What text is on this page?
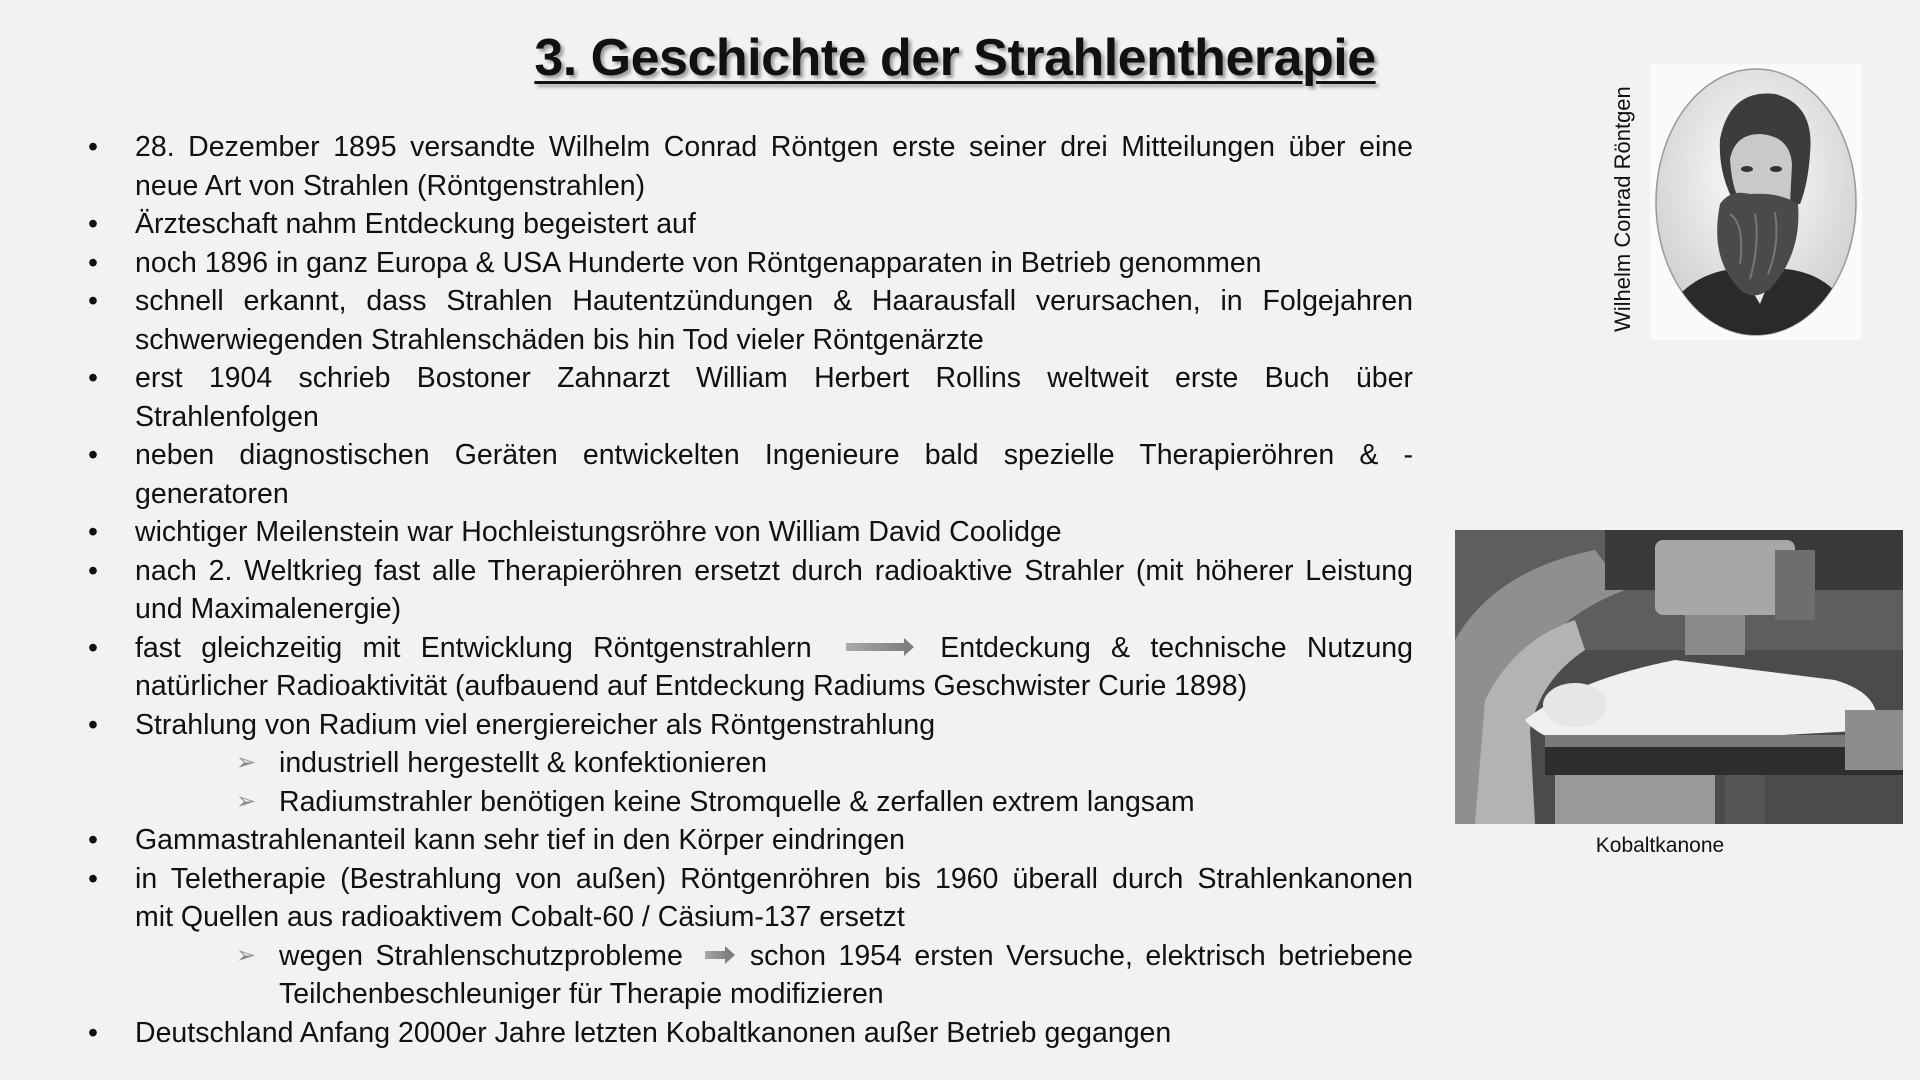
3. Geschichte der Strahlentherapie
•	28. Dezember 1895 versandte Wilhelm Conrad Röntgen erste seiner drei Mitteilungen über eine
neue Art von Strahlen (Röntgenstrahlen)
•	Ärzteschaft nahm Entdeckung begeistert auf
•	noch 1896 in ganz Europa & USA Hunderte von Röntgenapparaten in Betrieb genommen
•	schnell erkannt, dass Strahlen Hautentzündungen & Haarausfall verursachen, in Folgejahren
schwerwiegenden Strahlenschäden bis hin Tod vieler Röntgenärzte
•	erst 1904 schrieb Bostoner Zahnarzt William Herbert Rollins weltweit erste Buch über
Strahlenfolgen
•	neben diagnostischen Geräten entwickelten Ingenieure bald spezielle Therapieröhren & -
generatoren
•	wichtiger Meilenstein war Hochleistungsröhre von William David Coolidge
•	nach 2. Weltkrieg fast alle Therapieröhren ersetzt durch radioaktive Strahler (mit höherer Leistung
und Maximalenergie)
•	fast gleichzeitig mit Entwicklung Röntgenstrahlern	Entdeckung & technische Nutzung
natürlicher Radioaktivität (aufbauend auf Entdeckung Radiums Geschwister Curie 1898)
•	Strahlung von Radium viel energiereicher als Röntgenstrahlung
➢ industriell hergestellt & konfektionieren
➢ Radiumstrahler benötigen keine Stromquelle & zerfallen extrem langsam
•	Gammastrahlenanteil kann sehr tief in den Körper eindringen
•	in Teletherapie (Bestrahlung von außen) Röntgenröhren bis 1960 überall durch Strahlenkanonen
mit Quellen aus radioaktivem Cobalt-60 / Cäsium-137 ersetzt
➢ wegen Strahlenschutzprobleme schon 1954 ersten Versuche, elektrisch betriebene
Teilchenbeschleuniger für Therapie modifizieren
•	Deutschland Anfang 2000er Jahre letzten Kobaltkanonen außer Betrieb gegangen
Wilhelm Conrad Röntgen
Kobaltkanone
